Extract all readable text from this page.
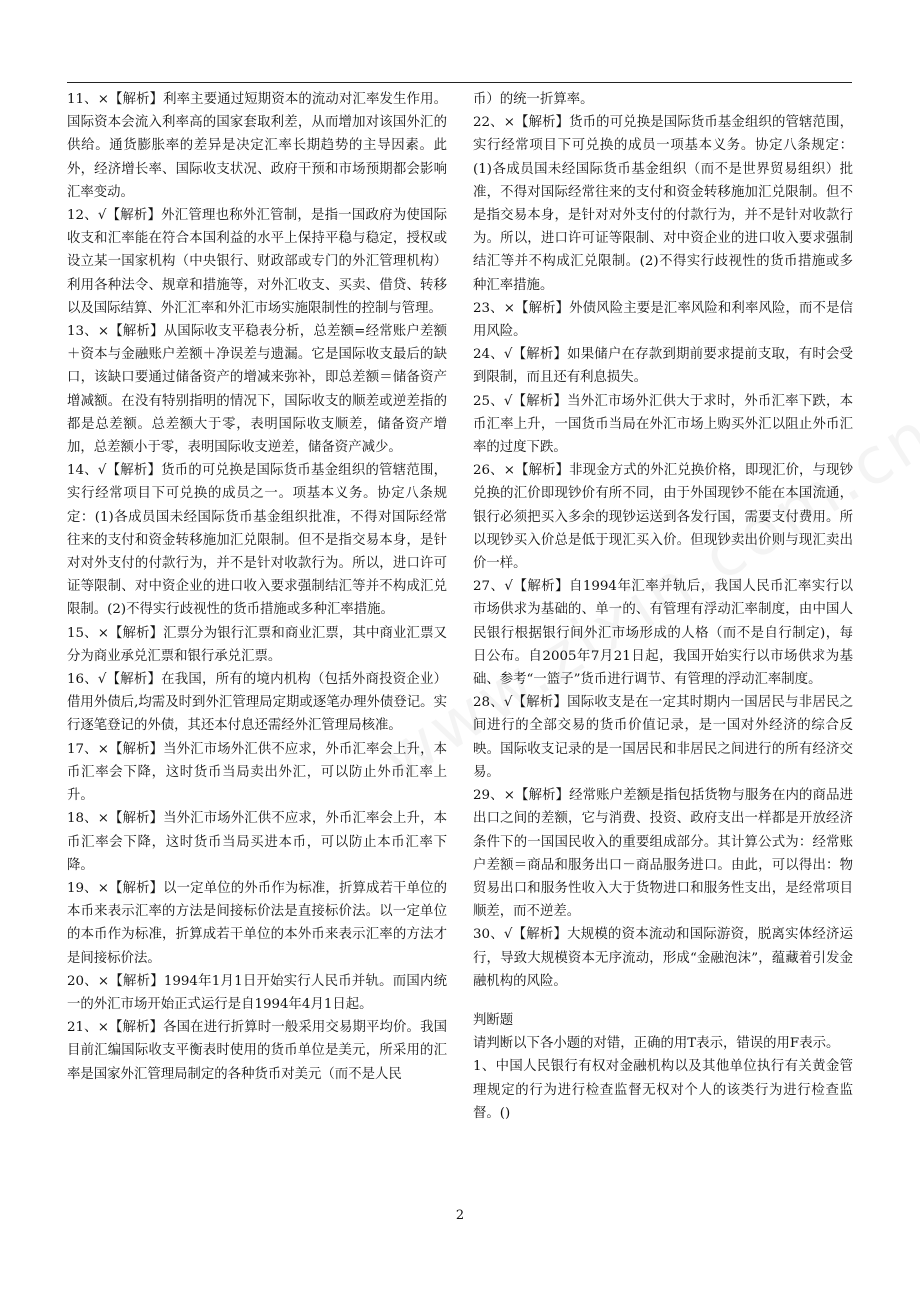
11、×【解析】利率主要通过短期资本的流动对汇率发生作用。国际资本会流入利率高的国家套取利差，从而增加对该国外汇的供给。通货膨胀率的差异是决定汇率长期趋势的主导因素。此外，经济增长率、国际收支状况、政府干预和市场预期都会影响汇率变动。

12、√【解析】外汇管理也称外汇管制，是指一国政府为使国际收支和汇率能在符合本国利益的水平上保持平稳与稳定，授权或设立某一国家机构（中央银行、财政部或专门的外汇管理机构）利用各种法令、规章和措施等，对外汇收支、买卖、借贷、转移以及国际结算、外汇汇率和外汇市场实施限制性的控制与管理。

13、×【解析】从国际收支平稳表分析，总差额=经常账户差额＋资本与金融账户差额＋净误差与遗漏。它是国际收支最后的缺口，该缺口要通过储备资产的增减来弥补，即总差额＝储备资产增减额。在没有特别指明的情况下，国际收支的顺差或逆差指的都是总差额。总差额大于零，表明国际收支顺差，储备资产增加，总差额小于零，表明国际收支逆差，储备资产减少。

14、√【解析】货币的可兑换是国际货币基金组织的管辖范围，实行经常项目下可兑换的成员之一。项基本义务。协定八条规定：(1)各成员国未经国际货币基金组织批准，不得对国际经常往来的支付和资金转移施加汇兑限制。但不是指交易本身，是针对对外支付的付款行为，并不是针对收款行为。所以，进口许可证等限制、对中资企业的进口收入要求强制结汇等并不构成汇兑限制。(2)不得实行歧视性的货币措施或多种汇率措施。

15、×【解析】汇票分为银行汇票和商业汇票，其中商业汇票又分为商业承兑汇票和银行承兑汇票。

16、√【解析】在我国，所有的境内机构（包括外商投资企业）借用外债后,均需及时到外汇管理局定期或逐笔办理外债登记。实行逐笔登记的外债，其还本付息还需经外汇管理局核准。

17、×【解析】当外汇市场外汇供不应求，外币汇率会上升，本币汇率会下降，这时货币当局卖出外汇，可以防止外币汇率上升。

18、×【解析】当外汇市场外汇供不应求，外币汇率会上升，本币汇率会下降，这时货币当局买进本币，可以防止本币汇率下降。

19、×【解析】以一定单位的外币作为标准，折算成若干单位的本币来表示汇率的方法是间接标价法是直接标价法。以一定单位的本币作为标准，折算成若干单位的本外币来表示汇率的方法才是间接标价法。

20、×【解析】1994年1月1日开始实行人民币并轨。而国内统一的外汇市场开始正式运行是自1994年4月1日起。

21、×【解析】各国在进行折算时一般采用交易期平均价。我国目前汇编国际收支平衡表时使用的货币单位是美元，所采用的汇率是国家外汇管理局制定的各种货币对美元（而不是人民

币）的统一折算率。

22、×【解析】货币的可兑换是国际货币基金组织的管辖范围，实行经常项目下可兑换的成员一项基本义务。协定八条规定：(1)各成员国未经国际货币基金组织（而不是世界贸易组织）批准，不得对国际经常往来的支付和资金转移施加汇兑限制。但不是指交易本身，是针对对外支付的付款行为，并不是针对收款行为。所以，进口许可证等限制、对中资企业的进口收入要求强制结汇等并不构成汇兑限制。(2)不得实行歧视性的货币措施或多种汇率措施。

23、×【解析】外债风险主要是汇率风险和利率风险，而不是信用风险。

24、√【解析】如果储户在存款到期前要求提前支取，有时会受到限制，而且还有利息损失。

25、√【解析】当外汇市场外汇供大于求时，外币汇率下跌，本币汇率上升，一国货币当局在外汇市场上购买外汇以阻止外币汇率的过度下跌。

26、×【解析】非现金方式的外汇兑换价格，即现汇价，与现钞兑换的汇价即现钞价有所不同，由于外国现钞不能在本国流通，银行必须把买入多余的现钞运送到各发行国，需要支付费用。所以现钞买入价总是低于现汇买入价。但现钞卖出价则与现汇卖出价一样。

27、√【解析】自1994年汇率并轨后，我国人民币汇率实行以市场供求为基础的、单一的、有管理有浮动汇率制度，由中国人民银行根据银行间外汇市场形成的人格（而不是自行制定)，每日公布。自2005年7月21日起，我国开始实行以市场供求为基础、参考“一篮子”货币进行调节、有管理的浮动汇率制度。

28、√【解析】国际收支是在一定其时期内一国居民与非居民之间进行的全部交易的货币价值记录，是一国对外经济的综合反映。国际收支记录的是一国居民和非居民之间进行的所有经济交易。

29、×【解析】经常账户差额是指包括货物与服务在内的商品进出口之间的差额，它与消费、投资、政府支出一样都是开放经济条件下的一国国民收入的重要组成部分。其计算公式为：经常账户差额＝商品和服务出口－商品服务进口。由此，可以得出：物贸易出口和服务性收入大于货物进口和服务性支出，是经常项目顺差，而不逆差。

30、√【解析】大规模的资本流动和国际游资，脱离实体经济运行，导致大规模资本无序流动，形成“金融泡沫”，蕴藏着引发金融机构的风险。

判断题

请判断以下各小题的对错，正确的用T表示，错误的用F表示。

1、中国人民银行有权对金融机构以及其他单位执行有关黄金管理规定的行为进行检查监督无权对个人的该类行为进行检查监督。()

2
